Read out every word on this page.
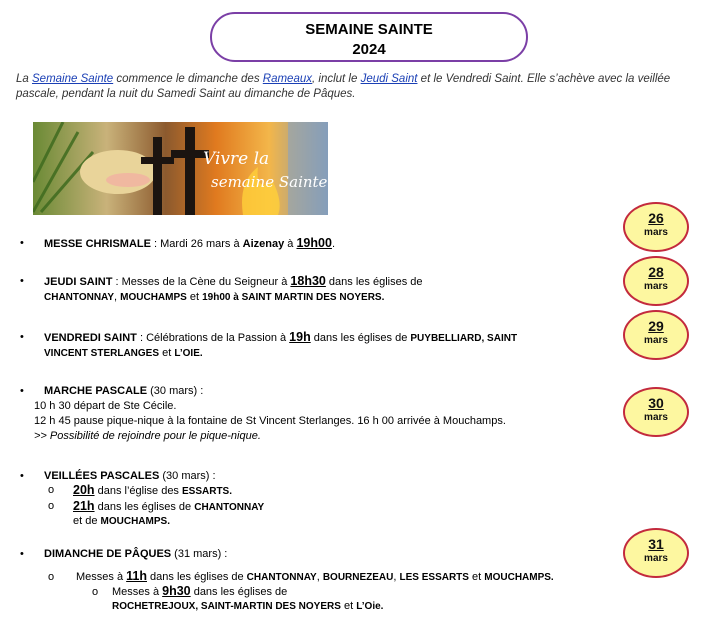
SEMAINE SAINTE
2024
La Semaine Sainte commence le dimanche des Rameaux, inclut le Jeudi Saint et le Vendredi Saint. Elle s’achève avec la veillée pascale, pendant la nuit du Samedi Saint au dimanche de Pâques.
Vivre la
semaine Sainte
26
mars
28
mars
29
mars
30
mars
31
mars
• MESSE CHRISMALE : Mardi 26 mars à Aizenay à 19h00.
• JEUDI SAINT : Messes de la Cène du Seigneur à 18h30 dans les églises de
CHANTONNAY, MOUCHAMPS et 19h00 à SAINT MARTIN DES NOYERS.
• VENDREDI SAINT : Célébrations de la Passion à 19h dans les églises de PUYBELLIARD, SAINT
VINCENT STERLANGES et L’OIE.
• MARCHE PASCALE (30 mars) :
10 h 30 départ de Ste Cécile.
12 h 45 pause pique-nique à la fontaine de St Vincent Sterlanges. 16 h 00 arrivée à Mouchamps.
>> Possibilité de rejoindre pour le pique-nique.
• VEILLÉES PASCALES (30 mars) :
o 20h dans l’église des ESSARTS.
o 21h dans les églises de CHANTONNAY
et de MOUCHAMPS.
• DIMANCHE DE PÂQUES (31 mars) :
o Messes à 11h dans les églises de CHANTONNAY, BOURNEZEAU, LES ESSARTS et MOUCHAMPS.
o Messes à 9h30 dans les églises de
ROCHETREJOUX, SAINT-MARTIN DES NOYERS et L’Oie.
